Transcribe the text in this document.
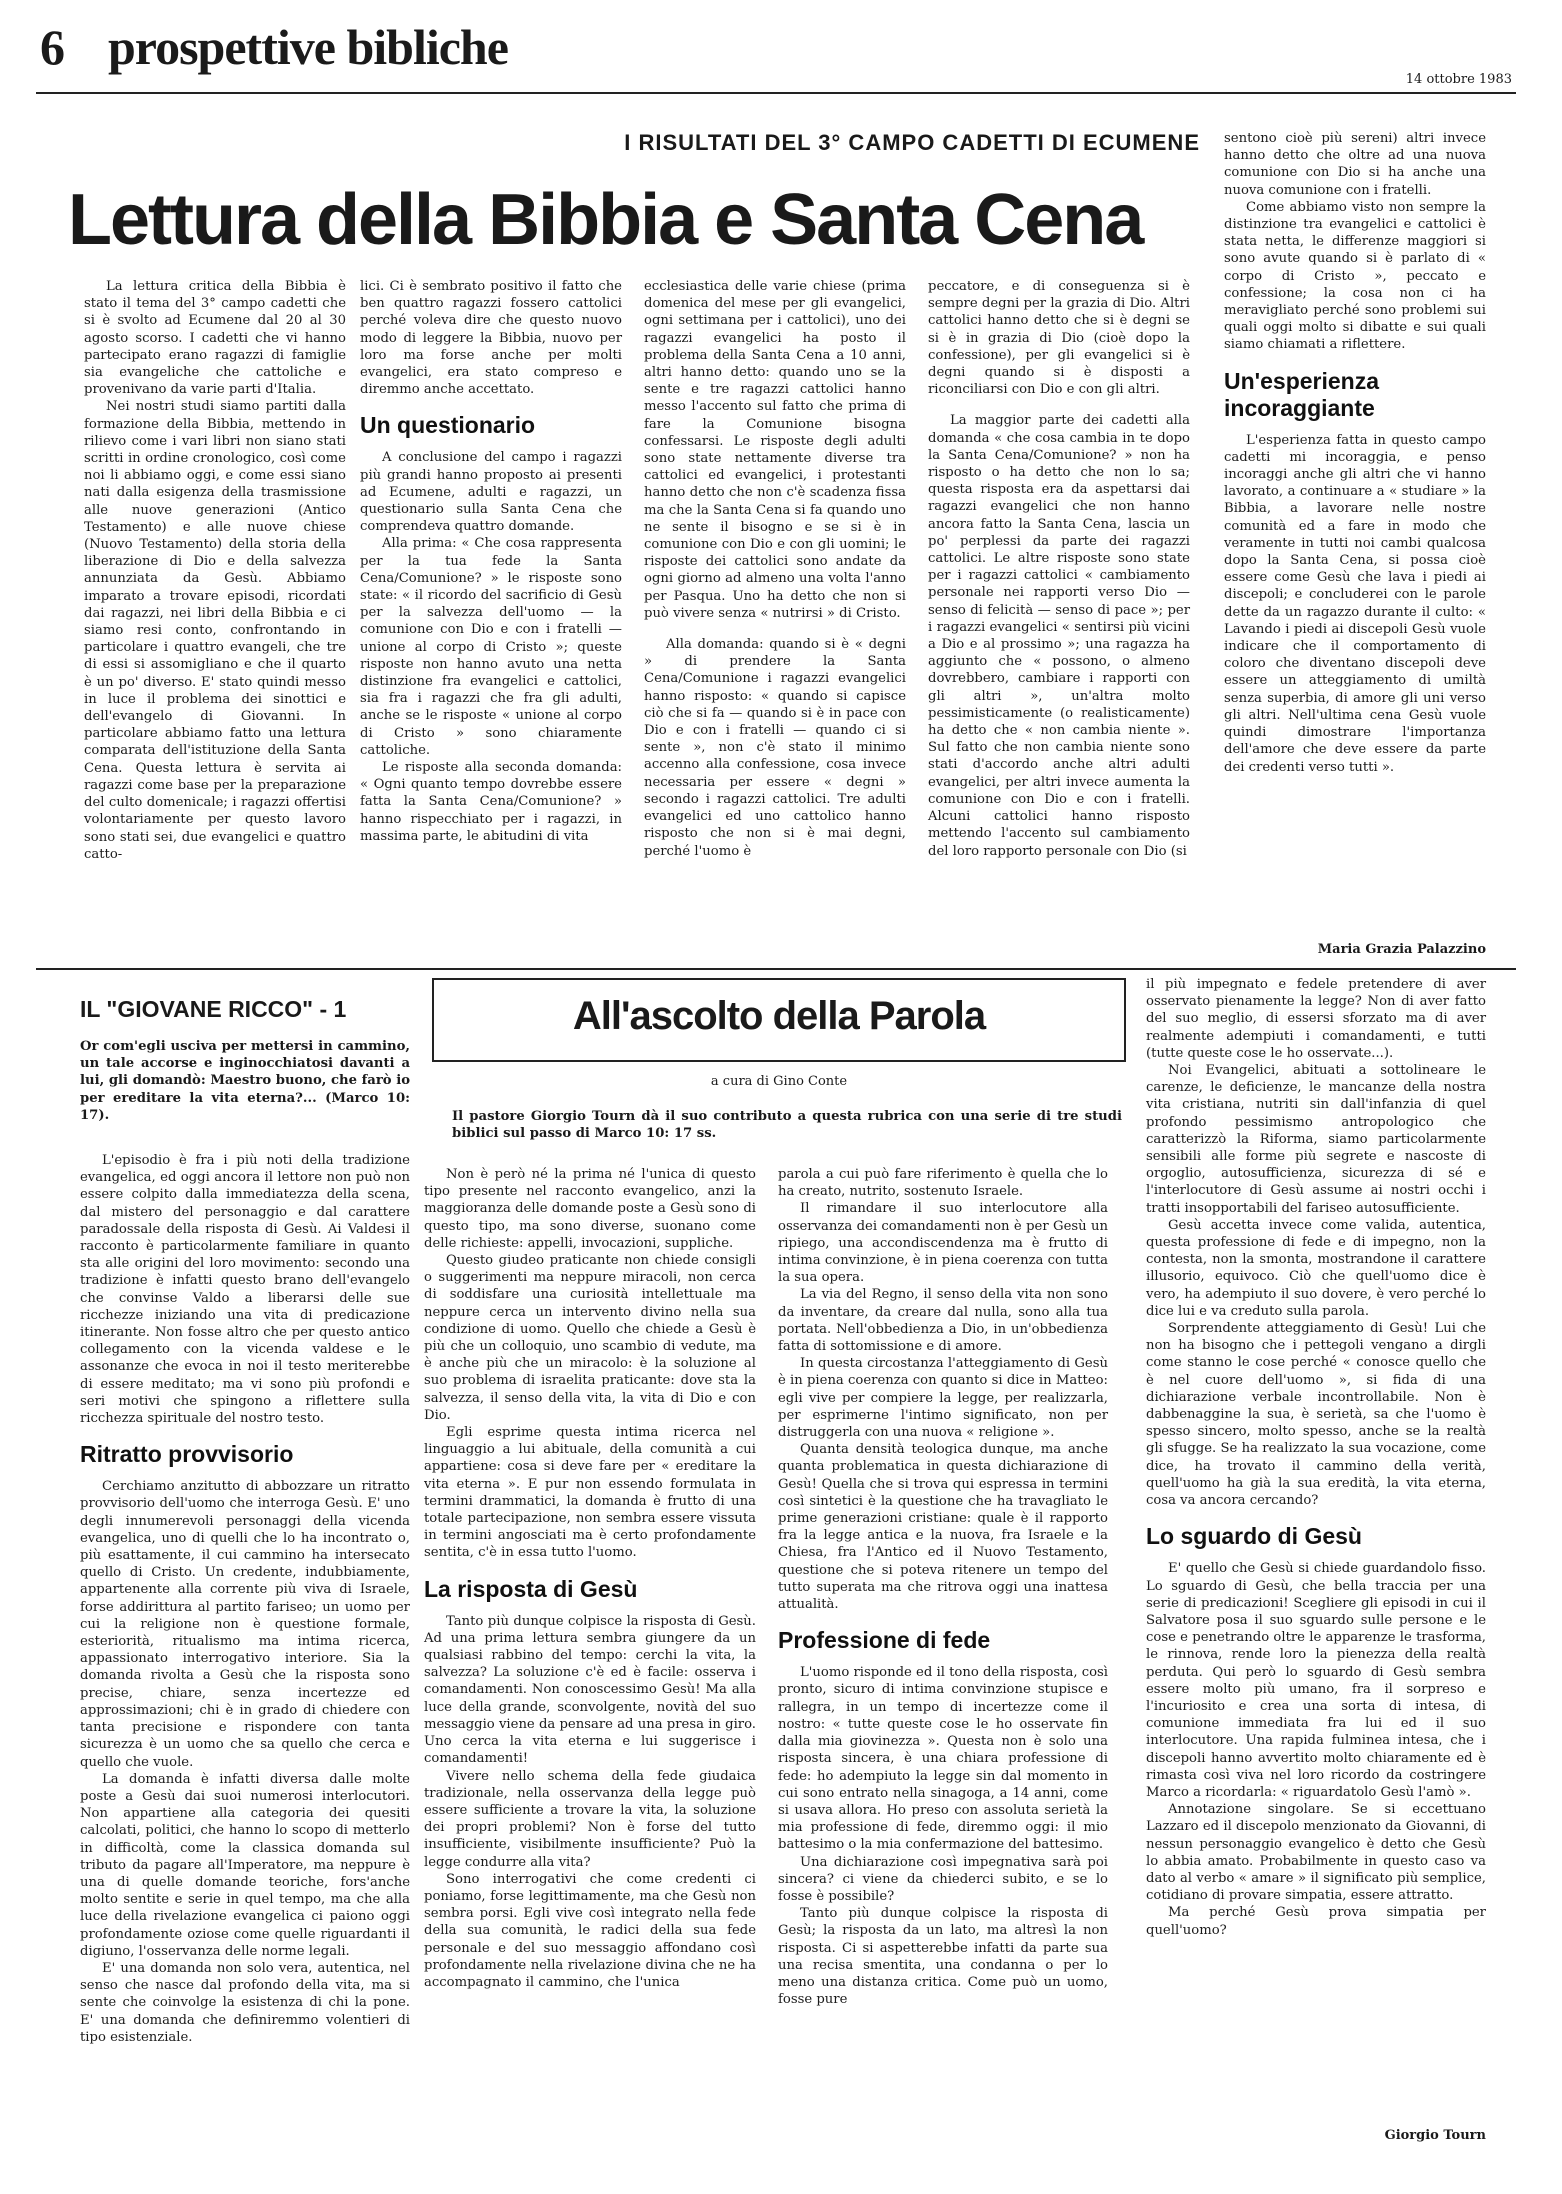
6 prospettive bibliche
14 ottobre 1983
I RISULTATI DEL 3° CAMPO CADETTI DI ECUMENE
Lettura della Bibbia e Santa Cena

La lettura critica della Bibbia è stato il tema del 3° campo cadetti che si è svolto ad Ecumene dal 20 al 30 agosto scorso. I cadetti che vi hanno partecipato erano ragazzi di famiglie sia evangeliche che cattoliche e provenivano da varie parti d'Italia.

Nei nostri studi siamo partiti dalla formazione della Bibbia, mettendo in rilievo come i vari libri non siano stati scritti in ordine cronologico, così come noi li abbiamo oggi, e come essi siano nati dalla esigenza della trasmissione alle nuove generazioni (Antico Testamento) e alle nuove chiese (Nuovo Testamento) della storia della liberazione di Dio e della salvezza annunziata da Gesù. Abbiamo imparato a trovare episodi, ricordati dai ragazzi, nei libri della Bibbia e ci siamo resi conto, confrontando in particolare i quattro evangeli, che tre di essi si assomigliano e che il quarto è un po' diverso. E' stato quindi messo in luce il problema dei sinottici e dell'evangelo di Giovanni. In particolare abbiamo fatto una lettura comparata dell'istituzione della Santa Cena. Questa lettura è servita ai ragazzi come base per la preparazione del culto domenicale; i ragazzi offertisi volontariamente per questo lavoro sono stati sei, due evangelici e quattro catto-

lici. Ci è sembrato positivo il fatto che ben quattro ragazzi fossero cattolici perché voleva dire che questo nuovo modo di leggere la Bibbia, nuovo per loro ma forse anche per molti evangelici, era stato compreso e diremmo anche accettato.

Un questionario

A conclusione del campo i ragazzi più grandi hanno proposto ai presenti ad Ecumene, adulti e ragazzi, un questionario sulla Santa Cena che comprendeva quattro domande.

Alla prima: « Che cosa rappresenta per la tua fede la Santa Cena/Comunione? » le risposte sono state: « il ricordo del sacrificio di Gesù per la salvezza dell'uomo — la comunione con Dio e con i fratelli — unione al corpo di Cristo »; queste risposte non hanno avuto una netta distinzione fra evangelici e cattolici, sia fra i ragazzi che fra gli adulti, anche se le risposte « unione al corpo di Cristo » sono chiaramente cattoliche.

Le risposte alla seconda domanda: « Ogni quanto tempo dovrebbe essere fatta la Santa Cena/Comunione? » hanno rispecchiato per i ragazzi, in massima parte, le abitudini di vita

ecclesiastica delle varie chiese (prima domenica del mese per gli evangelici, ogni settimana per i cattolici), uno dei ragazzi evangelici ha posto il problema della Santa Cena a 10 anni, altri hanno detto: quando uno se la sente e tre ragazzi cattolici hanno messo l'accento sul fatto che prima di fare la Comunione bisogna confessarsi. Le risposte degli adulti sono state nettamente diverse tra cattolici ed evangelici, i protestanti hanno detto che non c'è scadenza fissa ma che la Santa Cena si fa quando uno ne sente il bisogno e se si è in comunione con Dio e con gli uomini; le risposte dei cattolici sono andate da ogni giorno ad almeno una volta l'anno per Pasqua. Uno ha detto che non si può vivere senza « nutrirsi » di Cristo.

Alla domanda: quando si è « degni » di prendere la Santa Cena/Comunione i ragazzi evangelici hanno risposto: « quando si capisce ciò che si fa — quando si è in pace con Dio e con i fratelli — quando ci si sente », non c'è stato il minimo accenno alla confessione, cosa invece necessaria per essere « degni » secondo i ragazzi cattolici. Tre adulti evangelici ed uno cattolico hanno risposto che non si è mai degni, perché l'uomo è

peccatore, e di conseguenza si è sempre degni per la grazia di Dio. Altri cattolici hanno detto che si è degni se si è in grazia di Dio (cioè dopo la confessione), per gli evangelici si è degni quando si è disposti a riconciliarsi con Dio e con gli altri.

La maggior parte dei cadetti alla domanda « che cosa cambia in te dopo la Santa Cena/Comunione? » non ha risposto o ha detto che non lo sa; questa risposta era da aspettarsi dai ragazzi evangelici che non hanno ancora fatto la Santa Cena, lascia un po' perplessi da parte dei ragazzi cattolici. Le altre risposte sono state per i ragazzi cattolici « cambiamento personale nei rapporti verso Dio — senso di felicità — senso di pace »; per i ragazzi evangelici « sentirsi più vicini a Dio e al prossimo »; una ragazza ha aggiunto che « possono, o almeno dovrebbero, cambiare i rapporti con gli altri », un'altra molto pessimisticamente (o realisticamente) ha detto che « non cambia niente ». Sul fatto che non cambia niente sono stati d'accordo anche altri adulti evangelici, per altri invece aumenta la comunione con Dio e con i fratelli. Alcuni cattolici hanno risposto mettendo l'accento sul cambiamento del loro rapporto personale con Dio (si

sentono cioè più sereni) altri invece hanno detto che oltre ad una nuova comunione con Dio si ha anche una nuova comunione con i fratelli.

Come abbiamo visto non sempre la distinzione tra evangelici e cattolici è stata netta, le differenze maggiori si sono avute quando si è parlato di « corpo di Cristo », peccato e confessione; la cosa non ci ha meravigliato perché sono problemi sui quali oggi molto si dibatte e sui quali siamo chiamati a riflettere.

Un'esperienza incoraggiante

L'esperienza fatta in questo campo cadetti mi incoraggia, e penso incoraggi anche gli altri che vi hanno lavorato, a continuare a « studiare » la Bibbia, a lavorare nelle nostre comunità ed a fare in modo che veramente in tutti noi cambi qualcosa dopo la Santa Cena, si possa cioè essere come Gesù che lava i piedi ai discepoli; e concluderei con le parole dette da un ragazzo durante il culto: « Lavando i piedi ai discepoli Gesù vuole indicare che il comportamento di coloro che diventano discepoli deve essere un atteggiamento di umiltà senza superbia, di amore gli uni verso gli altri. Nell'ultima cena Gesù vuole quindi dimostrare l'importanza dell'amore che deve essere da parte dei credenti verso tutti ».

Maria Grazia Palazzino
IL "GIOVANE RICCO" - 1
Or com'egli usciva per mettersi in cammino, un tale accorse e inginocchiatosi davanti a lui, gli domandò: Maestro buono, che farò io per ereditare la vita eterna?... (Marco 10: 17).
All'ascolto della Parola
a cura di Gino Conte
Il pastore Giorgio Tourn dà il suo contributo a questa rubrica con una serie di tre studi biblici sul passo di Marco 10: 17 ss.

L'episodio è fra i più noti della tradizione evangelica, ed oggi ancora il lettore non può non essere colpito dalla immediatezza della scena, dal mistero del personaggio e dal carattere paradossale della risposta di Gesù. Ai Valdesi il racconto è particolarmente familiare in quanto sta alle origini del loro movimento: secondo una tradizione è infatti questo brano dell'evangelo che convinse Valdo a liberarsi delle sue ricchezze iniziando una vita di predicazione itinerante. Non fosse altro che per questo antico collegamento con la vicenda valdese e le assonanze che evoca in noi il testo meriterebbe di essere meditato; ma vi sono più profondi e seri motivi che spingono a riflettere sulla ricchezza spirituale del nostro testo.

Ritratto provvisorio

Cerchiamo anzitutto di abbozzare un ritratto provvisorio dell'uomo che interroga Gesù. E' uno degli innumerevoli personaggi della vicenda evangelica, uno di quelli che lo ha incontrato o, più esattamente, il cui cammino ha intersecato quello di Cristo. Un credente, indubbiamente, appartenente alla corrente più viva di Israele, forse addirittura al partito fariseo; un uomo per cui la religione non è questione formale, esteriorità, ritualismo ma intima ricerca, appassionato interrogativo interiore. Sia la domanda rivolta a Gesù che la risposta sono precise, chiare, senza incertezze ed approssimazioni; chi è in grado di chiedere con tanta precisione e rispondere con tanta sicurezza è un uomo che sa quello che cerca e quello che vuole.

La domanda è infatti diversa dalle molte poste a Gesù dai suoi numerosi interlocutori. Non appartiene alla categoria dei quesiti calcolati, politici, che hanno lo scopo di metterlo in difficoltà, come la classica domanda sul tributo da pagare all'Imperatore, ma neppure è una di quelle domande teoriche, fors'anche molto sentite e serie in quel tempo, ma che alla luce della rivelazione evangelica ci paiono oggi profondamente oziose come quelle riguardanti il digiuno, l'osservanza delle norme legali.

E' una domanda non solo vera, autentica, nel senso che nasce dal profondo della vita, ma si sente che coinvolge la esistenza di chi la pone. E' una domanda che definiremmo volentieri di tipo esistenziale.

Non è però né la prima né l'unica di questo tipo presente nel racconto evangelico, anzi la maggioranza delle domande poste a Gesù sono di questo tipo, ma sono diverse, suonano come delle richieste: appelli, invocazioni, suppliche.

Questo giudeo praticante non chiede consigli o suggerimenti ma neppure miracoli, non cerca di soddisfare una curiosità intellettuale ma neppure cerca un intervento divino nella sua condizione di uomo. Quello che chiede a Gesù è più che un colloquio, uno scambio di vedute, ma è anche più che un miracolo: è la soluzione al suo problema di israelita praticante: dove sta la salvezza, il senso della vita, la vita di Dio e con Dio.

Egli esprime questa intima ricerca nel linguaggio a lui abituale, della comunità a cui appartiene: cosa si deve fare per « ereditare la vita eterna ». E pur non essendo formulata in termini drammatici, la domanda è frutto di una totale partecipazione, non sembra essere vissuta in termini angosciati ma è certo profondamente sentita, c'è in essa tutto l'uomo.

La risposta di Gesù

Tanto più dunque colpisce la risposta di Gesù. Ad una prima lettura sembra giungere da un qualsiasi rabbino del tempo: cerchi la vita, la salvezza? La soluzione c'è ed è facile: osserva i comandamenti. Non conoscessimo Gesù! Ma alla luce della grande, sconvolgente, novità del suo messaggio viene da pensare ad una presa in giro. Uno cerca la vita eterna e lui suggerisce i comandamenti!

Vivere nello schema della fede giudaica tradizionale, nella osservanza della legge può essere sufficiente a trovare la vita, la soluzione dei propri problemi? Non è forse del tutto insufficiente, visibilmente insufficiente? Può la legge condurre alla vita?

Sono interrogativi che come credenti ci poniamo, forse legittimamente, ma che Gesù non sembra porsi. Egli vive così integrato nella fede della sua comunità, le radici della sua fede personale e del suo messaggio affondano così profondamente nella rivelazione divina che ne ha accompagnato il cammino, che l'unica

parola a cui può fare riferimento è quella che lo ha creato, nutrito, sostenuto Israele.

Il rimandare il suo interlocutore alla osservanza dei comandamenti non è per Gesù un ripiego, una accondiscendenza ma è frutto di intima convinzione, è in piena coerenza con tutta la sua opera.

La via del Regno, il senso della vita non sono da inventare, da creare dal nulla, sono alla tua portata. Nell'obbedienza a Dio, in un'obbedienza fatta di sottomissione e di amore.

In questa circostanza l'atteggiamento di Gesù è in piena coerenza con quanto si dice in Matteo: egli vive per compiere la legge, per realizzarla, per esprimerne l'intimo significato, non per distruggerla con una nuova « religione ».

Quanta densità teologica dunque, ma anche quanta problematica in questa dichiarazione di Gesù! Quella che si trova qui espressa in termini così sintetici è la questione che ha travagliato le prime generazioni cristiane: quale è il rapporto fra la legge antica e la nuova, fra Israele e la Chiesa, fra l'Antico ed il Nuovo Testamento, questione che si poteva ritenere un tempo del tutto superata ma che ritrova oggi una inattesa attualità.

Professione di fede

L'uomo risponde ed il tono della risposta, così pronto, sicuro di intima convinzione stupisce e rallegra, in un tempo di incertezze come il nostro: « tutte queste cose le ho osservate fin dalla mia giovinezza ». Questa non è solo una risposta sincera, è una chiara professione di fede: ho adempiuto la legge sin dal momento in cui sono entrato nella sinagoga, a 14 anni, come si usava allora. Ho preso con assoluta serietà la mia professione di fede, diremmo oggi: il mio battesimo o la mia confermazione del battesimo.

Una dichiarazione così impegnativa sarà poi sincera? ci viene da chiederci subito, e se lo fosse è possibile?

Tanto più dunque colpisce la risposta di Gesù; la risposta da un lato, ma altresì la non risposta. Ci si aspetterebbe infatti da parte sua una recisa smentita, una condanna o per lo meno una distanza critica. Come può un uomo, fosse pure

il più impegnato e fedele pretendere di aver osservato pienamente la legge? Non di aver fatto del suo meglio, di essersi sforzato ma di aver realmente adempiuti i comandamenti, e tutti (tutte queste cose le ho osservate...).

Noi Evangelici, abituati a sottolineare le carenze, le deficienze, le mancanze della nostra vita cristiana, nutriti sin dall'infanzia di quel profondo pessimismo antropologico che caratterizzò la Riforma, siamo particolarmente sensibili alle forme più segrete e nascoste di orgoglio, autosufficienza, sicurezza di sé e l'interlocutore di Gesù assume ai nostri occhi i tratti insopportabili del fariseo autosufficiente.

Gesù accetta invece come valida, autentica, questa professione di fede e di impegno, non la contesta, non la smonta, mostrandone il carattere illusorio, equivoco. Ciò che quell'uomo dice è vero, ha adempiuto il suo dovere, è vero perché lo dice lui e va creduto sulla parola.

Sorprendente atteggiamento di Gesù! Lui che non ha bisogno che i pettegoli vengano a dirgli come stanno le cose perché « conosce quello che è nel cuore dell'uomo », si fida di una dichiarazione verbale incontrollabile. Non è dabbenaggine la sua, è serietà, sa che l'uomo è spesso sincero, molto spesso, anche se la realtà gli sfugge. Se ha realizzato la sua vocazione, come dice, ha trovato il cammino della verità, quell'uomo ha già la sua eredità, la vita eterna, cosa va ancora cercando?

Lo sguardo di Gesù

E' quello che Gesù si chiede guardandolo fisso. Lo sguardo di Gesù, che bella traccia per una serie di predicazioni! Scegliere gli episodi in cui il Salvatore posa il suo sguardo sulle persone e le cose e penetrando oltre le apparenze le trasforma, le rinnova, rende loro la pienezza della realtà perduta. Qui però lo sguardo di Gesù sembra essere molto più umano, fra il sorpreso e l'incuriosito e crea una sorta di intesa, di comunione immediata fra lui ed il suo interlocutore. Una rapida fulminea intesa, che i discepoli hanno avvertito molto chiaramente ed è rimasta così viva nel loro ricordo da costringere Marco a ricordarla: « riguardatolo Gesù l'amò ».

Annotazione singolare. Se si eccettuano Lazzaro ed il discepolo menzionato da Giovanni, di nessun personaggio evangelico è detto che Gesù lo abbia amato. Probabilmente in questo caso va dato al verbo « amare » il significato più semplice, cotidiano di provare simpatia, essere attratto.

Ma perché Gesù prova simpatia per quell'uomo?

Giorgio Tourn
